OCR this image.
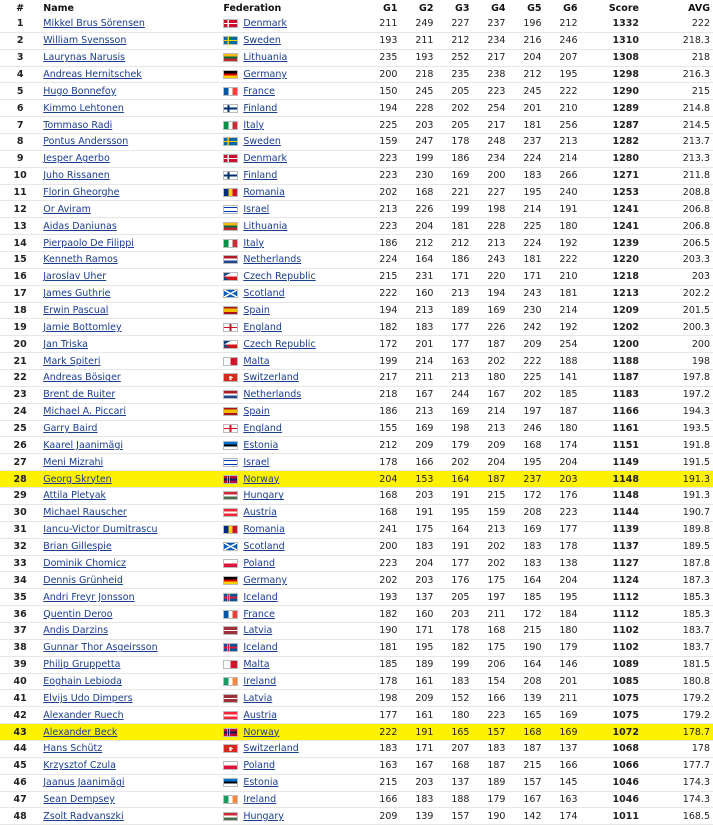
#	Name	Federation	G1	G2	G3	G4	G5	G6	Score	AVG
1	Mikkel Brus Sörensen	Denmark	211	249	227	237	196	212	1332	222
2	William Svensson	Sweden	193	211	212	234	216	246	1310	218.3
3	Laurynas Narusis	Lithuania	235	193	252	217	204	207	1308	218
4	Andreas Hernitschek	Germany	200	218	235	238	212	195	1298	216.3
5	Hugo Bonnefoy	France	150	245	205	223	245	222	1290	215
6	Kimmo Lehtonen	Finland	194	228	202	254	201	210	1289	214.8
7	Tommaso Radi	Italy	225	203	205	217	181	256	1287	214.5
8	Pontus Andersson	Sweden	159	247	178	248	237	213	1282	213.7
9	Jesper Agerbo	Denmark	223	199	186	234	224	214	1280	213.3
10	Juho Rissanen	Finland	223	230	169	200	183	266	1271	211.8
11	Florin Gheorghe	Romania	202	168	221	227	195	240	1253	208.8
12	Or Aviram	Israel	213	226	199	198	214	191	1241	206.8
13	Aidas Daniunas	Lithuania	223	204	181	228	225	180	1241	206.8
14	Pierpaolo De Filippi	Italy	186	212	212	213	224	192	1239	206.5
15	Kenneth Ramos	Netherlands	224	164	186	243	181	222	1220	203.3
16	Jaroslav Uher	Czech Republic	215	231	171	220	171	210	1218	203
17	James Guthrie	Scotland	222	160	213	194	243	181	1213	202.2
18	Erwin Pascual	Spain	194	213	189	169	230	214	1209	201.5
19	Jamie Bottomley	England	182	183	177	226	242	192	1202	200.3
20	Jan Triska	Czech Republic	172	201	177	187	209	254	1200	200
21	Mark Spiteri	Malta	199	214	163	202	222	188	1188	198
22	Andreas Bösiger	Switzerland	217	211	213	180	225	141	1187	197.8
23	Brent de Ruiter	Netherlands	218	167	244	167	202	185	1183	197.2
24	Michael A. Piccari	Spain	186	213	169	214	197	187	1166	194.3
25	Garry Baird	England	155	169	198	213	246	180	1161	193.5
26	Kaarel Jaanimägi	Estonia	212	209	179	209	168	174	1151	191.8
27	Meni Mizrahi	Israel	178	166	202	204	195	204	1149	191.5
28	Georg Skryten	Norway	204	153	164	187	237	203	1148	191.3
29	Attila Pletyak	Hungary	168	203	191	215	172	176	1148	191.3
30	Michael Rauscher	Austria	168	191	195	159	208	223	1144	190.7
31	Iancu-Victor Dumitrascu	Romania	241	175	164	213	169	177	1139	189.8
32	Brian Gillespie	Scotland	200	183	191	202	183	178	1137	189.5
33	Dominik Chomicz	Poland	223	204	177	202	183	138	1127	187.8
34	Dennis Grünheid	Germany	202	203	176	175	164	204	1124	187.3
35	Andri Freyr Jonsson	Iceland	193	137	205	197	185	195	1112	185.3
36	Quentin Deroo	France	182	160	203	211	172	184	1112	185.3
37	Andis Darzins	Latvia	190	171	178	168	215	180	1102	183.7
38	Gunnar Thor Asgeirsson	Iceland	181	195	182	175	190	179	1102	183.7
39	Philip Gruppetta	Malta	185	189	199	206	164	146	1089	181.5
40	Eoghain Lebioda	Ireland	178	161	183	154	208	201	1085	180.8
41	Elvijs Udo Dimpers	Latvia	198	209	152	166	139	211	1075	179.2
42	Alexander Ruech	Austria	177	161	180	223	165	169	1075	179.2
43	Alexander Beck	Norway	222	191	165	157	168	169	1072	178.7
44	Hans Schütz	Switzerland	183	171	207	183	187	137	1068	178
45	Krzysztof Czula	Poland	163	167	168	187	215	166	1066	177.7
46	Jaanus Jaanimägi	Estonia	215	203	137	189	157	145	1046	174.3
47	Sean Dempsey	Ireland	166	183	188	179	167	163	1046	174.3
48	Zsolt Radvanszki	Hungary	209	139	157	190	142	174	1011	168.5
